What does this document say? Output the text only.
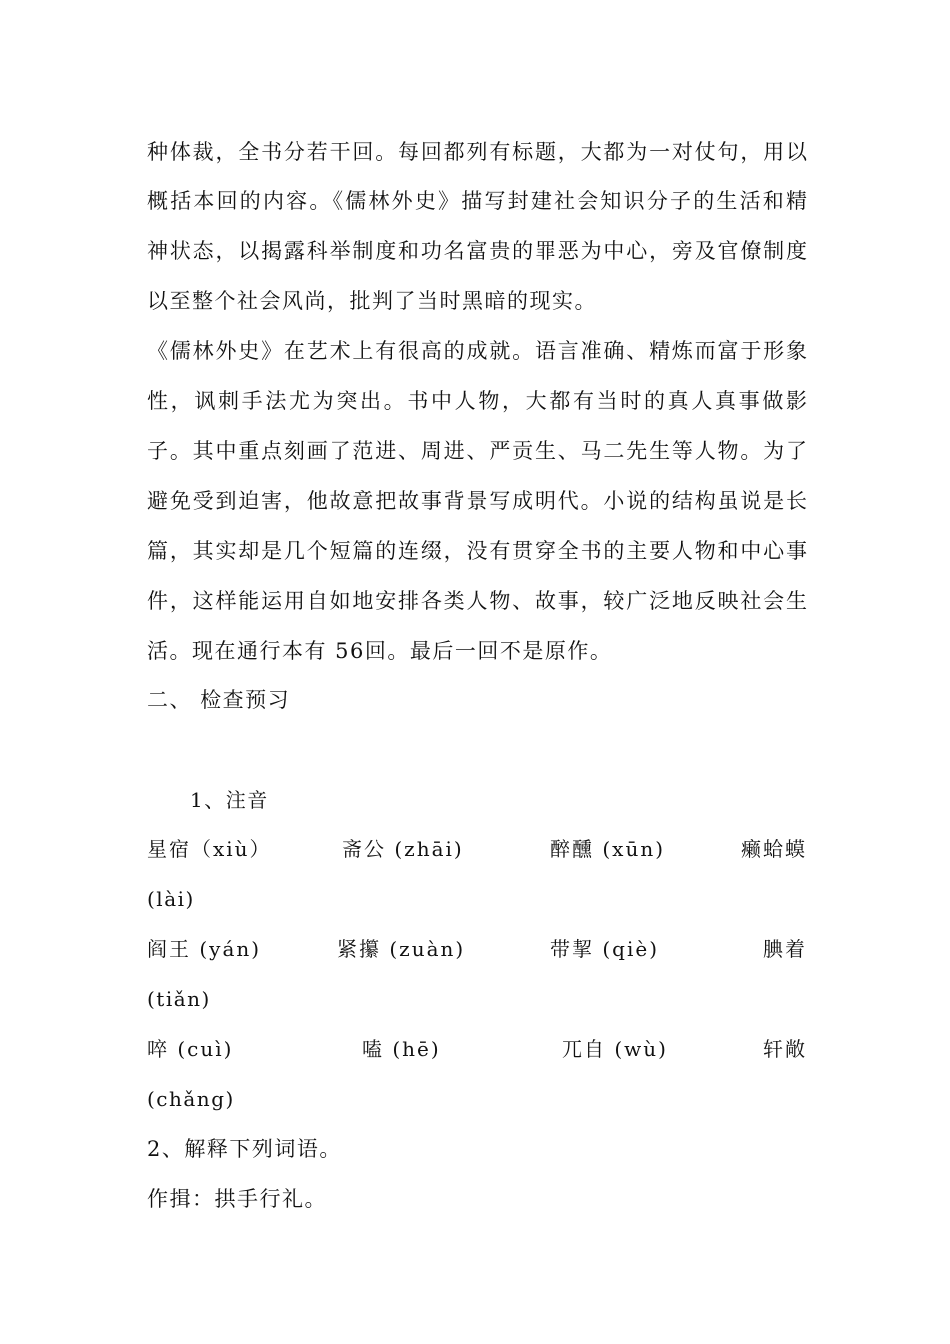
种体裁，全书分若干回。每回都列有标题，大都为一对仗句，用以
概括本回的内容。《儒林外史》描写封建社会知识分子的生活和精
神状态，以揭露科举制度和功名富贵的罪恶为中心，旁及官僚制度
以至整个社会风尚，批判了当时黑暗的现实。
《儒林外史》在艺术上有很高的成就。语言准确、精炼而富于形象
性，讽刺手法尤为突出。书中人物，大都有当时的真人真事做影
子。其中重点刻画了范进、周进、严贡生、马二先生等人物。为了
避免受到迫害，他故意把故事背景写成明代。小说的结构虽说是长
篇，其实却是几个短篇的连缀，没有贯穿全书的主要人物和中心事
件，这样能运用自如地安排各类人物、故事，较广泛地反映社会生
活。现在通行本有 56回。最后一回不是原作。
二、 检查预习
1、注音
星宿（xiù）	斋公 (zhāi)	醉醺 (xūn)	癞蛤蟆
(lài)
阎王 (yán)	紧攥 (zuàn)	带挈 (qiè)	腆着
(tiǎn)
啐 (cuì)	嗑 (hē)	兀自 (wù)	轩敞
(chǎng)
2、解释下列词语。
作揖：拱手行礼。
